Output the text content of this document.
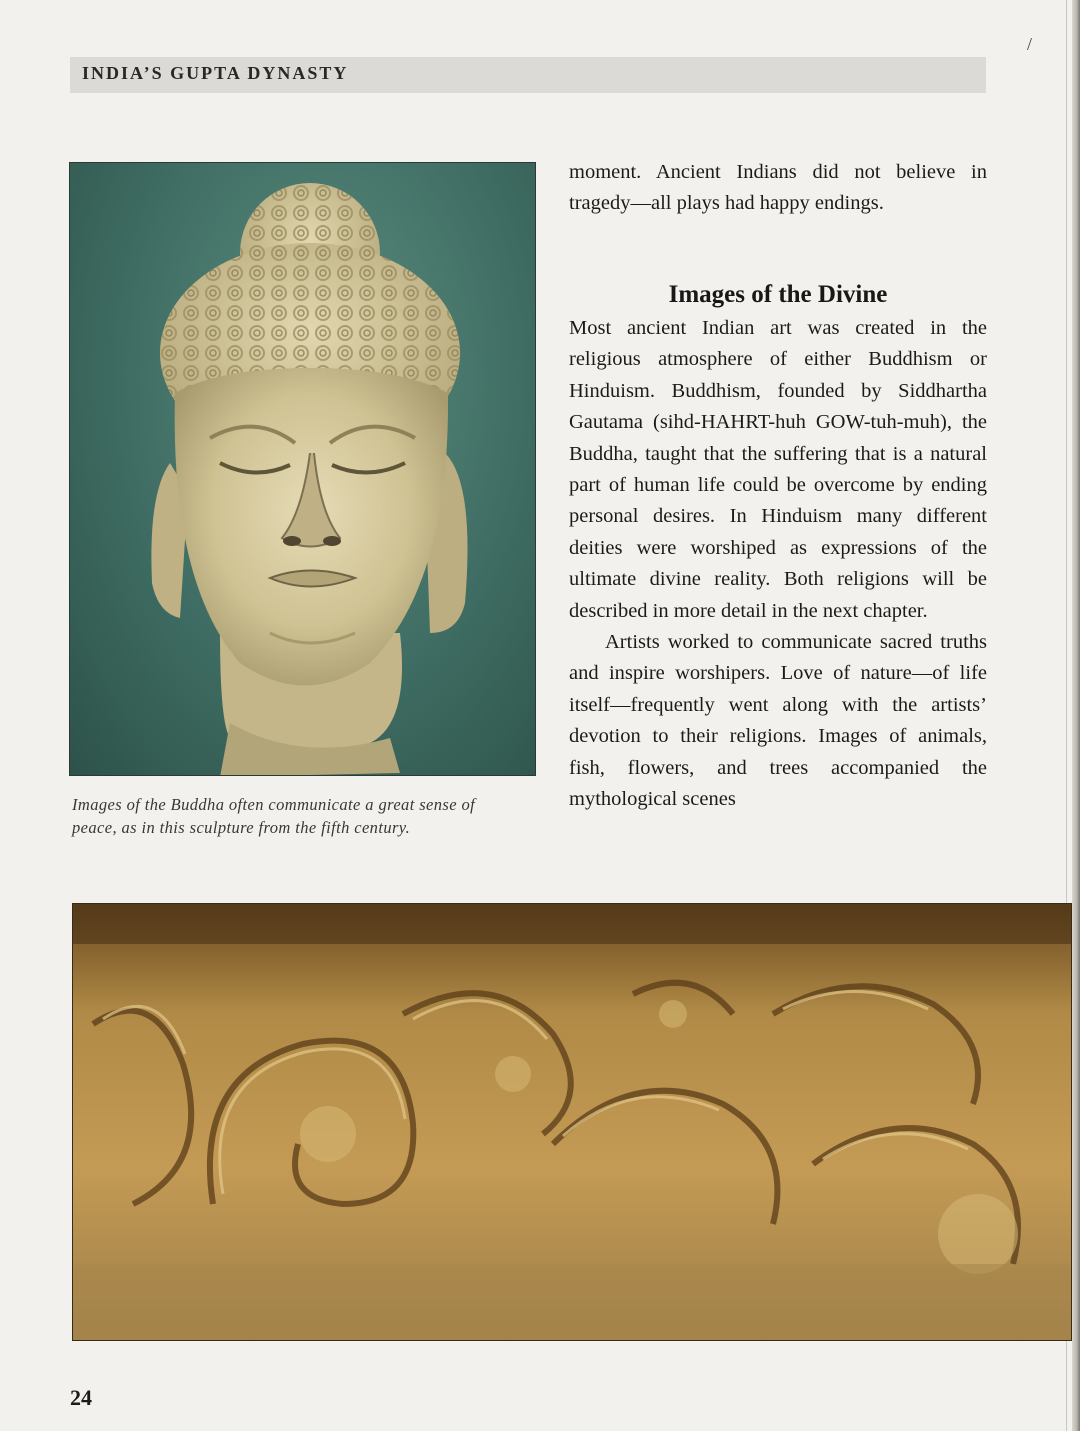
INDIA’S GUPTA DYNASTY
/
Images of the Buddha often communicate a great sense of peace, as in this sculpture from the fifth century.

moment. Ancient Indians did not believe in tragedy—all plays had happy endings.

Images of the Divine

Most ancient Indian art was created in the religious atmosphere of either Buddhism or Hinduism. Buddhism, founded by Siddhartha Gautama (sihd-HAHRT-huh GOW-tuh-muh), the Buddha, taught that the suffering that is a natural part of human life could be overcome by ending personal desires. In Hinduism many different deities were worshiped as expressions of the ultimate divine reality. Both religions will be described in more detail in the next chapter.

Artists worked to communicate sacred truths and inspire worshipers. Love of nature—of life itself—frequently went along with the artists’ devotion to their religions. Images of animals, fish, flowers, and trees accompanied the mythological scenes

24
